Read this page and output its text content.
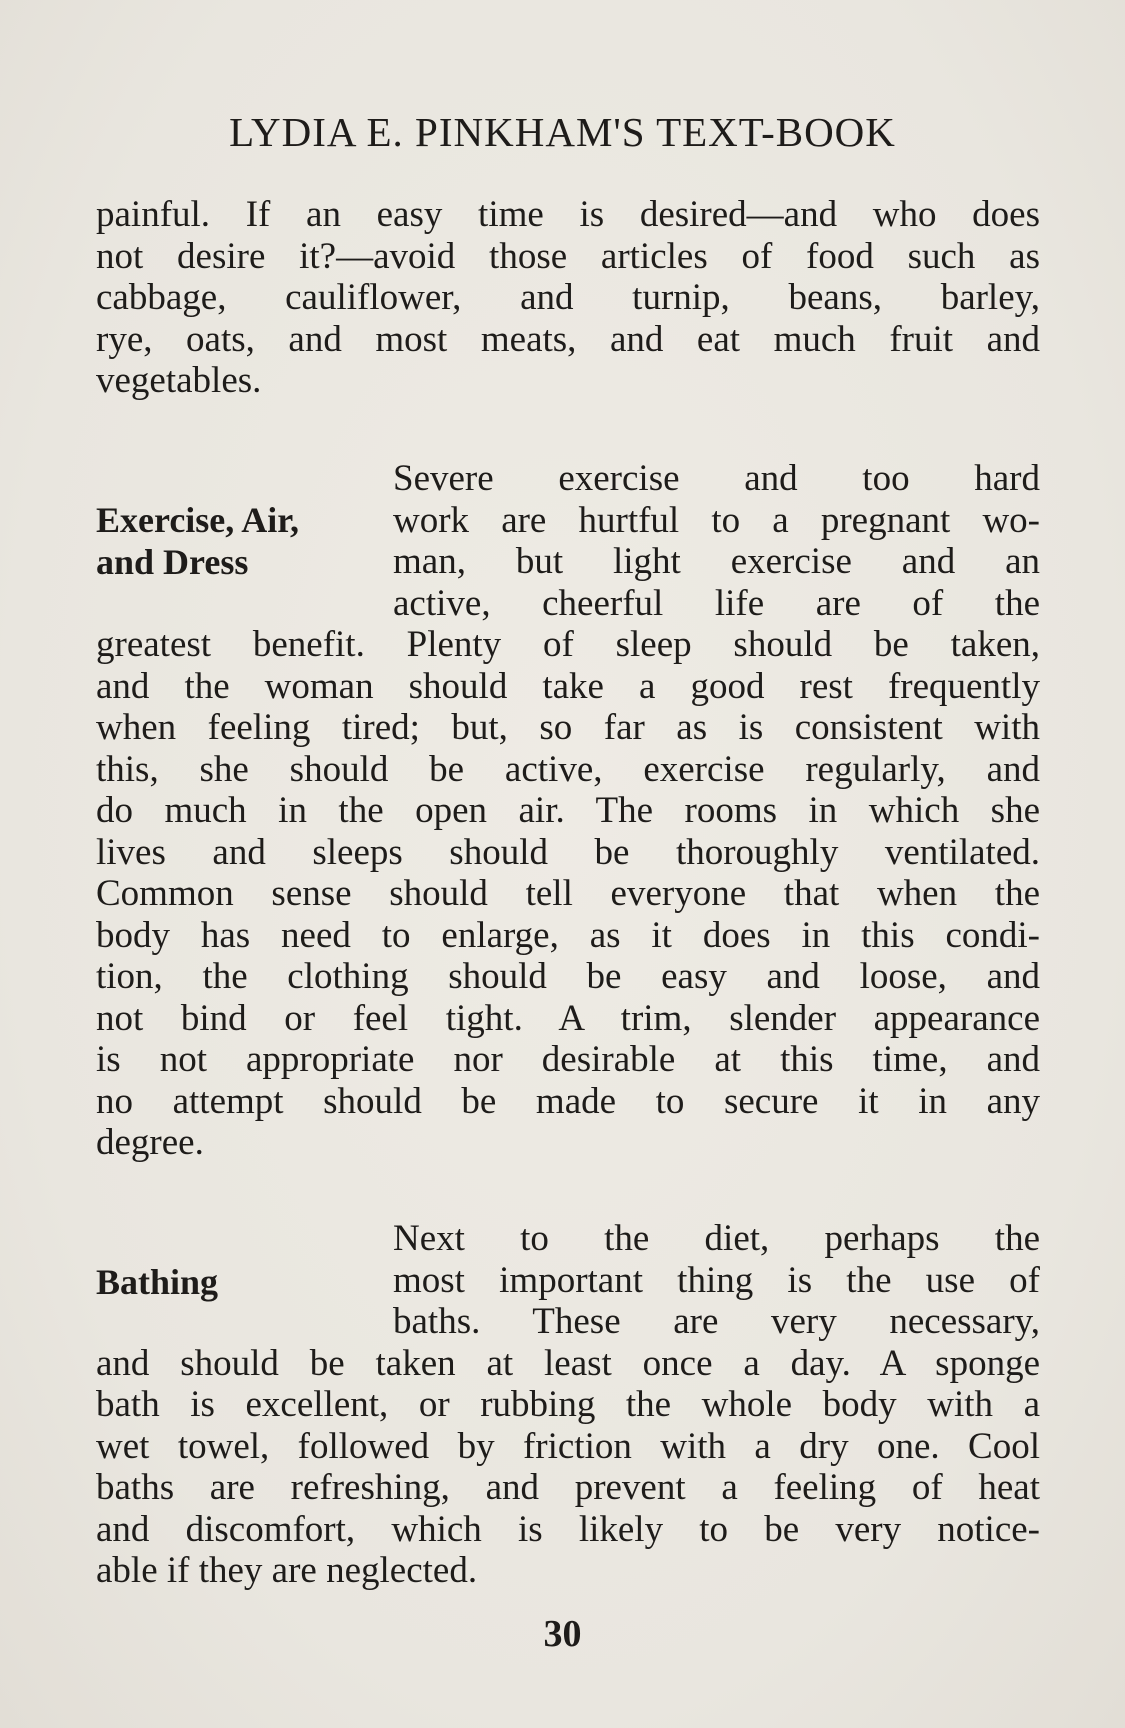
LYDIA E. PINKHAM'S TEXT-BOOK
painful. If an easy time is desired—and who does
not desire it?—avoid those articles of food such as
cabbage, cauliflower, and turnip, beans, barley,
rye, oats, and most meats, and eat much fruit and
vegetables.
Exercise, Air,
and Dress
Severe exercise and too hard
work are hurtful to a pregnant wo-
man, but light exercise and an
active, cheerful life are of the
greatest benefit. Plenty of sleep should be taken,
and the woman should take a good rest frequently
when feeling tired; but, so far as is consistent with
this, she should be active, exercise regularly, and
do much in the open air. The rooms in which she
lives and sleeps should be thoroughly ventilated.
Common sense should tell everyone that when the
body has need to enlarge, as it does in this condi-
tion, the clothing should be easy and loose, and
not bind or feel tight. A trim, slender appearance
is not appropriate nor desirable at this time, and
no attempt should be made to secure it in any
degree.
Bathing
Next to the diet, perhaps the
most important thing is the use of
baths. These are very necessary,
and should be taken at least once a day. A sponge
bath is excellent, or rubbing the whole body with a
wet towel, followed by friction with a dry one. Cool
baths are refreshing, and prevent a feeling of heat
and discomfort, which is likely to be very notice-
able if they are neglected.
30
